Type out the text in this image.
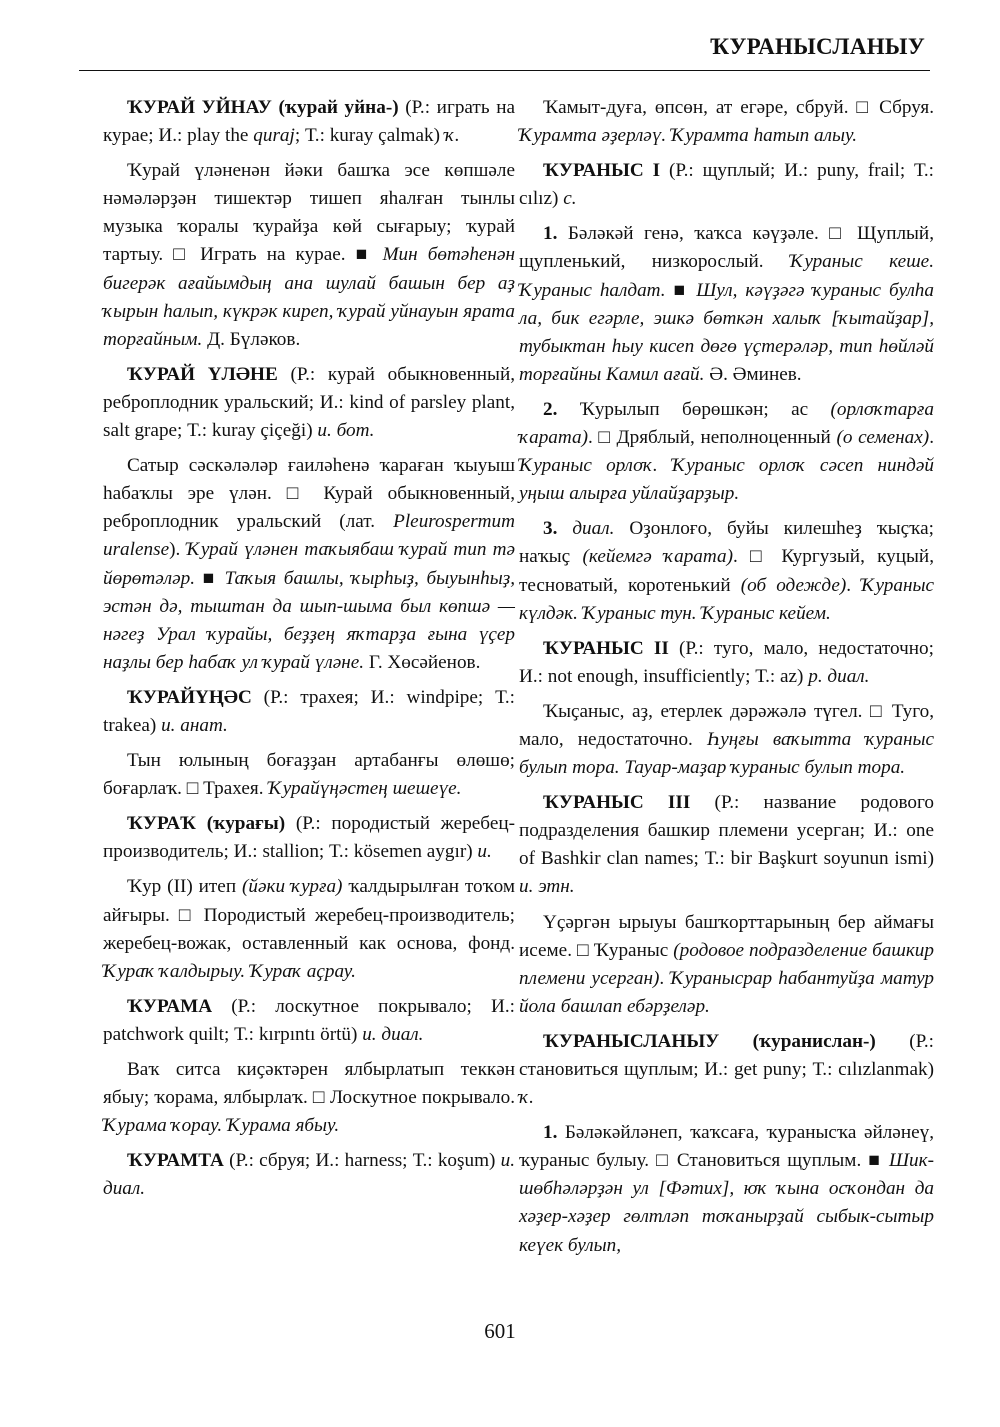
ҠУРАНЫСЛАНЫУ

ҠУРАЙ УЙНАУ (ҡурай уйна-) (Р.: играть на курае; И.: play the quraj; Т.: kuray çalmak) ҡ.

Ҡурай үләненән йәки башҡа эсе көпшәле нәмәләрҙән тишектәр тишеп яһалған тынлы музыка ҡоралы ҡурайҙа көй сығарыу; ҡурай тартыу. □ Играть на курае. ■ Мин бөтәһенән бигерәк ағайымдың ана шулай башын бер аҙ ҡырын һалып, күкрәк киреп, ҡурай уйнауын ярата торғайным. Д. Бүләков.

ҠУРАЙ ҮЛӘНЕ (Р.: курай обыкновенный, реброплодник уральский; И.: kind of parsley plant, salt grape; Т.: kuray çiçeği) и. бот.

Сатыр сәскәләләр ғаиләһенә ҡараған ҡыуыш һабаҡлы эре үлән. □ Курай обыкновенный, реброплодник уральский (лат. Pleurospermum uralense). Ҡурай үләнен таҡыябаш ҡурай тип тә йөрөтәләр. ■ Таҡыя башлы, ҡырһыҙ, быуынһыҙ, эстән дә, тыштан да шып-шыма был көпшә — нәгеҙ Урал ҡурайы, беҙҙең яҡтарҙа ғына үҫер наҙлы бер һабаҡ ул ҡурай үләне. Г. Хөсәйенов.

ҠУРАЙҮҢӘС (Р.: трахея; И.: windpipe; Т.: trakea) и. анат.

Тын юлының боғаҙҙан артабанғы өлөшө; боғарлаҡ. □ Трахея. Ҡурайүңәстең шешеүе.

ҠУРАҠ (ҡурағы) (Р.: породистый жеребец-производитель; И.: stallion; Т.: kösemen aygır) и.

Ҡур (II) итеп (йәки ҡурға) ҡалдырылған тоҡом айғыры. □ Породистый жеребец-производитель; жеребец-вожак, оставленный как основа, фонд. Ҡураҡ ҡалдырыу. Ҡураҡ аҫрау.

ҠУРАМА (Р.: лоскутное покрывало; И.: patchwork quilt; Т.: kırpıntı örtü) и. диал.

Ваҡ ситса киҫәктәрен ялбырлатып теккән ябыу; ҡорама, ялбырлаҡ. □ Лоскутное покрывало. Ҡурама ҡорау. Ҡурама ябыу.

ҠУРАМТА (Р.: сбруя; И.: harness; Т.: koşum) и. диал.

Ҡамыт-дуға, өпсөн, ат егәре, сбруй. □ Сбруя. Ҡурамта әҙерләү. Ҡурамта һатып алыу.

ҠУРАНЫС I (Р.: щуплый; И.: puny, frail; Т.: cılız) с.

1. Бәләкәй генә, ҡаҡса кәүҙәле. □ Щуплый, щупленький, низкорослый. Ҡураныс кеше. Ҡураныс һалдат. ■ Шул, кәүҙәгә ҡураныс булһа ла, бик егәрле, эшкә бөткән халыҡ [ҡытайҙар], тубыктан һыу кисеп дөгө үҫтерәләр, тип һөйләй торғайны Камил ағай. Ә. Әминев.

2. Ҡурылып бөрөшкән; ас (орлоҡтарға ҡарата). □ Дряблый, неполноценный (о семенах). Ҡураныс орлоҡ. Ҡураныс орлоҡ сәсеп ниндәй уңыш алырға уйлайҙарҙыр.

3. диал. Оҙонлоғо, буйы килешһеҙ ҡыҫҡа; наҡыҫ (кейемгә ҡарата). □ Кургузый, куцый, тесноватый, коротенький (об одежде). Ҡураныс күлдәк. Ҡураныс тун. Ҡураныс кейем.

ҠУРАНЫС II (Р.: туго, мало, недостаточно; И.: not enough, insufficiently; Т.: az) р. диал.

Ҡыҫаныс, аҙ, етерлек дәрәжәлә түгел. □ Туго, мало, недостаточно. Һуңғы ваҡытта ҡураныс булып тора. Тауар-маҙар ҡураныс булып тора.

ҠУРАНЫС III (Р.: название родового подразделения башкир племени усерган; И.: one of Bashkir clan names; Т.: bir Başkurt soyunun ismi) и. этн.

Үҫәргән ырыуы башҡорттарының бер аймағы исеме. □ Ҡураныс (родовое подразделение башкир племени усерган). Ҡуранысрар һабантуйҙа матур йола башлап ебәрҙеләр.

ҠУРАНЫСЛАНЫУ (ҡуранислан-) (Р.: становиться щуплым; И.: get puny; Т.: cılızlanmak) ҡ.

1. Бәләкәйләнеп, ҡаҡсаға, ҡуранысҡа әйләнеү, ҡураныс булыу. □ Становиться щуплым. ■ Шик-шөбһәләрҙән ул [Фәтих], юҡ ҡына осҡондан да хәҙер-хәҙер гөлтләп тоҡанырҙай сыбык-сытыр кеүек булып,

601
